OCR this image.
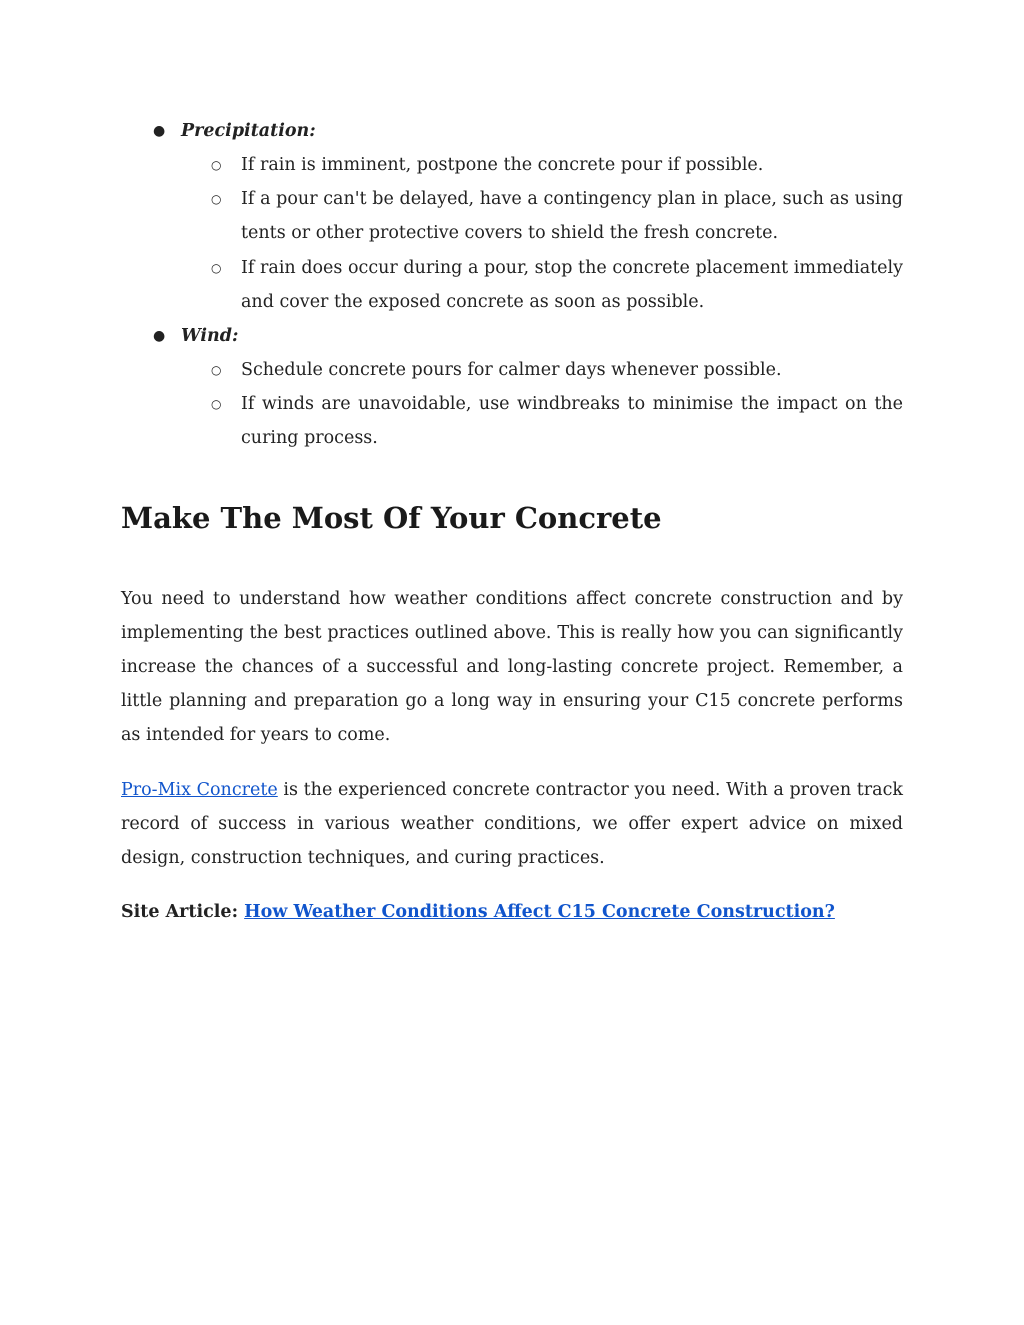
● Precipitation:
○ If rain is imminent, postpone the concrete pour if possible.
○ If a pour can't be delayed, have a contingency plan in place, such as using tents or other protective covers to shield the fresh concrete.
○ If rain does occur during a pour, stop the concrete placement immediately and cover the exposed concrete as soon as possible.
● Wind:
○ Schedule concrete pours for calmer days whenever possible.
○ If winds are unavoidable, use windbreaks to minimise the impact on the curing process.
Make The Most Of Your Concrete

You need to understand how weather conditions affect concrete construction and by implementing the best practices outlined above. This is really how you can significantly increase the chances of a successful and long-lasting concrete project. Remember, a little planning and preparation go a long way in ensuring your C15 concrete performs as intended for years to come.

Pro-Mix Concrete is the experienced concrete contractor you need. With a proven track record of success in various weather conditions, we offer expert advice on mixed design, construction techniques, and curing practices.

Site Article: How Weather Conditions Affect C15 Concrete Construction?
